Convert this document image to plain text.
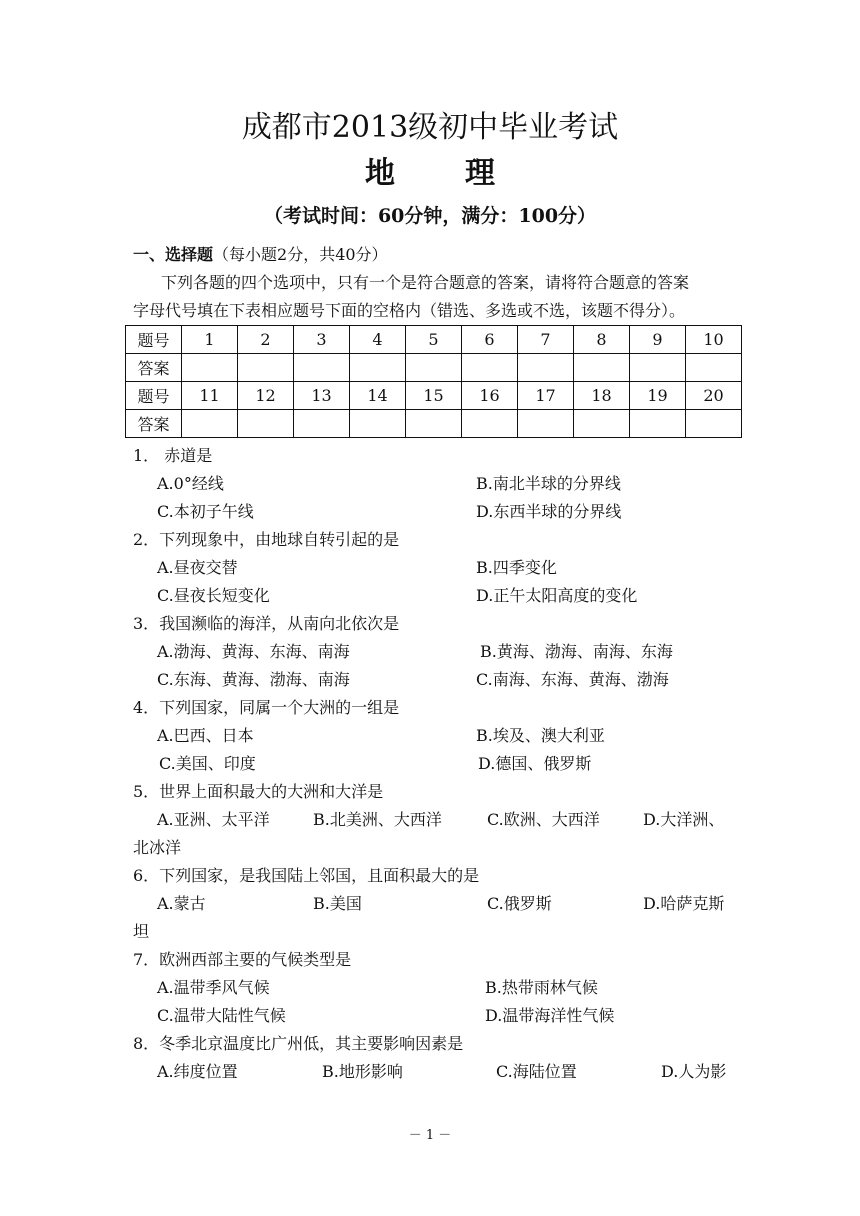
成都市2013级初中毕业考试
地 理
（考试时间：60分钟，满分：100分）
一、选择题（每小题2分，共40分）
下列各题的四个选项中，只有一个是符合题意的答案，请将符合题意的答案
字母代号填在下表相应题号下面的空格内（错选、多选或不选，该题不得分）。
题号	1	2	3	4	5	6	7	8	9	10
答案										
题号	11	12	13	14	15	16	17	18	19	20
答案										
1． 赤道是
A.0°经线	B.南北半球的分界线
C.本初子午线	D.东西半球的分界线
2．下列现象中，由地球自转引起的是
A.昼夜交替	B.四季变化
C.昼夜长短变化	D.正午太阳高度的变化
3．我国濒临的海洋，从南向北依次是
A.渤海、黄海、东海、南海	B.黄海、渤海、南海、东海
C.东海、黄海、渤海、南海	C.南海、东海、黄海、渤海
4．下列国家，同属一个大洲的一组是
A.巴西、日本	B.埃及、澳大利亚
C.美国、印度	D.德国、俄罗斯
5．世界上面积最大的大洲和大洋是
A.亚洲、太平洋	B.北美洲、大西洋	C.欧洲、大西洋	D.大洋洲、
北冰洋
6．下列国家，是我国陆上邻国，且面积最大的是
A.蒙古	B.美国	C.俄罗斯	D.哈萨克斯
坦
7．欧洲西部主要的气候类型是
A.温带季风气候	B.热带雨林气候
C.温带大陆性气候	D.温带海洋性气候
8．冬季北京温度比广州低，其主要影响因素是
A.纬度位置	B.地形影响	C.海陆位置	D.人为影
－ 1 －
